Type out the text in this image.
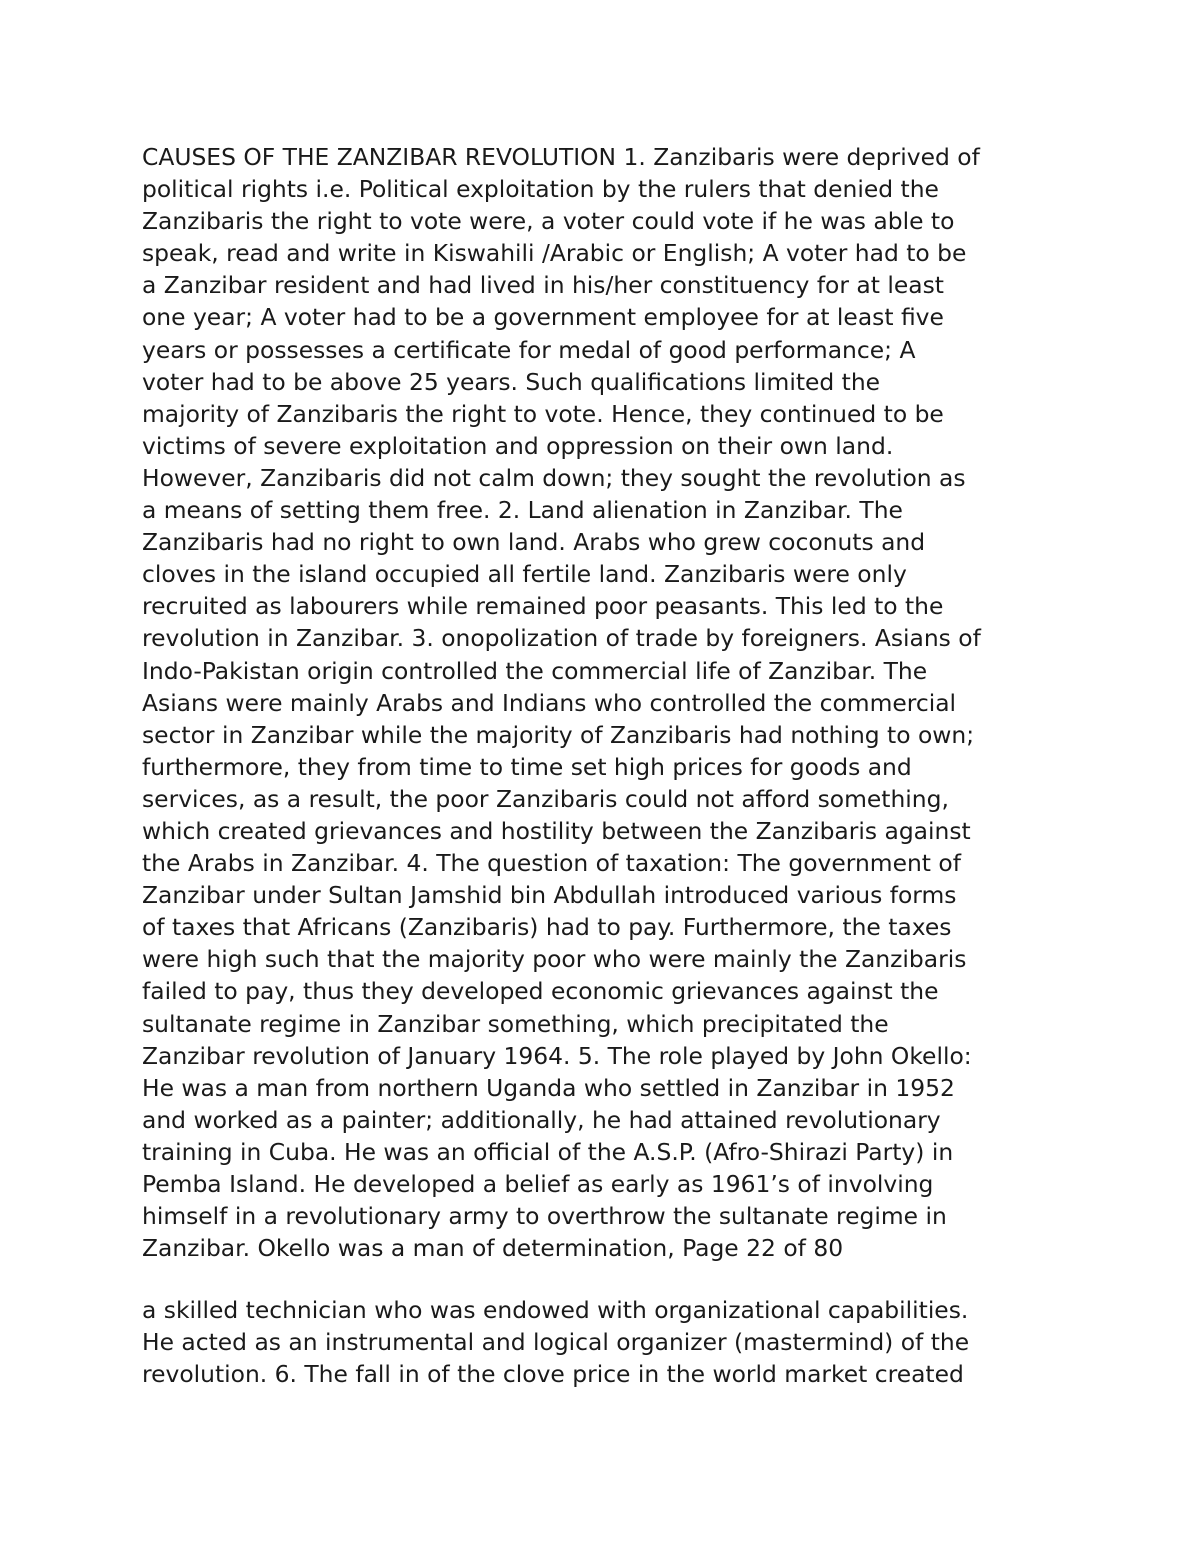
CAUSES OF THE ZANZIBAR REVOLUTION 1. Zanzibaris were deprived of
political rights i.e. Political exploitation by the rulers that denied the
Zanzibaris the right to vote were, a voter could vote if he was able to
speak, read and write in Kiswahili /Arabic or English; A voter had to be
a Zanzibar resident and had lived in his/her constituency for at least
one year; A voter had to be a government employee for at least five
years or possesses a certificate for medal of good performance; A
voter had to be above 25 years. Such qualifications limited the
majority of Zanzibaris the right to vote. Hence, they continued to be
victims of severe exploitation and oppression on their own land.
However, Zanzibaris did not calm down; they sought the revolution as
a means of setting them free. 2. Land alienation in Zanzibar. The
Zanzibaris had no right to own land. Arabs who grew coconuts and
cloves in the island occupied all fertile land. Zanzibaris were only
recruited as labourers while remained poor peasants. This led to the
revolution in Zanzibar. 3. onopolization of trade by foreigners. Asians of
Indo-Pakistan origin controlled the commercial life of Zanzibar. The
Asians were mainly Arabs and Indians who controlled the commercial
sector in Zanzibar while the majority of Zanzibaris had nothing to own;
furthermore, they from time to time set high prices for goods and
services, as a result, the poor Zanzibaris could not afford something,
which created grievances and hostility between the Zanzibaris against
the Arabs in Zanzibar. 4. The question of taxation: The government of
Zanzibar under Sultan Jamshid bin Abdullah introduced various forms
of taxes that Africans (Zanzibaris) had to pay. Furthermore, the taxes
were high such that the majority poor who were mainly the Zanzibaris
failed to pay, thus they developed economic grievances against the
sultanate regime in Zanzibar something, which precipitated the
Zanzibar revolution of January 1964. 5. The role played by John Okello:
He was a man from northern Uganda who settled in Zanzibar in 1952
and worked as a painter; additionally, he had attained revolutionary
training in Cuba. He was an official of the A.S.P. (Afro-Shirazi Party) in
Pemba Island. He developed a belief as early as 1961’s of involving
himself in a revolutionary army to overthrow the sultanate regime in
Zanzibar. Okello was a man of determination, Page 22 of 80

a skilled technician who was endowed with organizational capabilities.
He acted as an instrumental and logical organizer (mastermind) of the
revolution. 6. The fall in of the clove price in the world market created
